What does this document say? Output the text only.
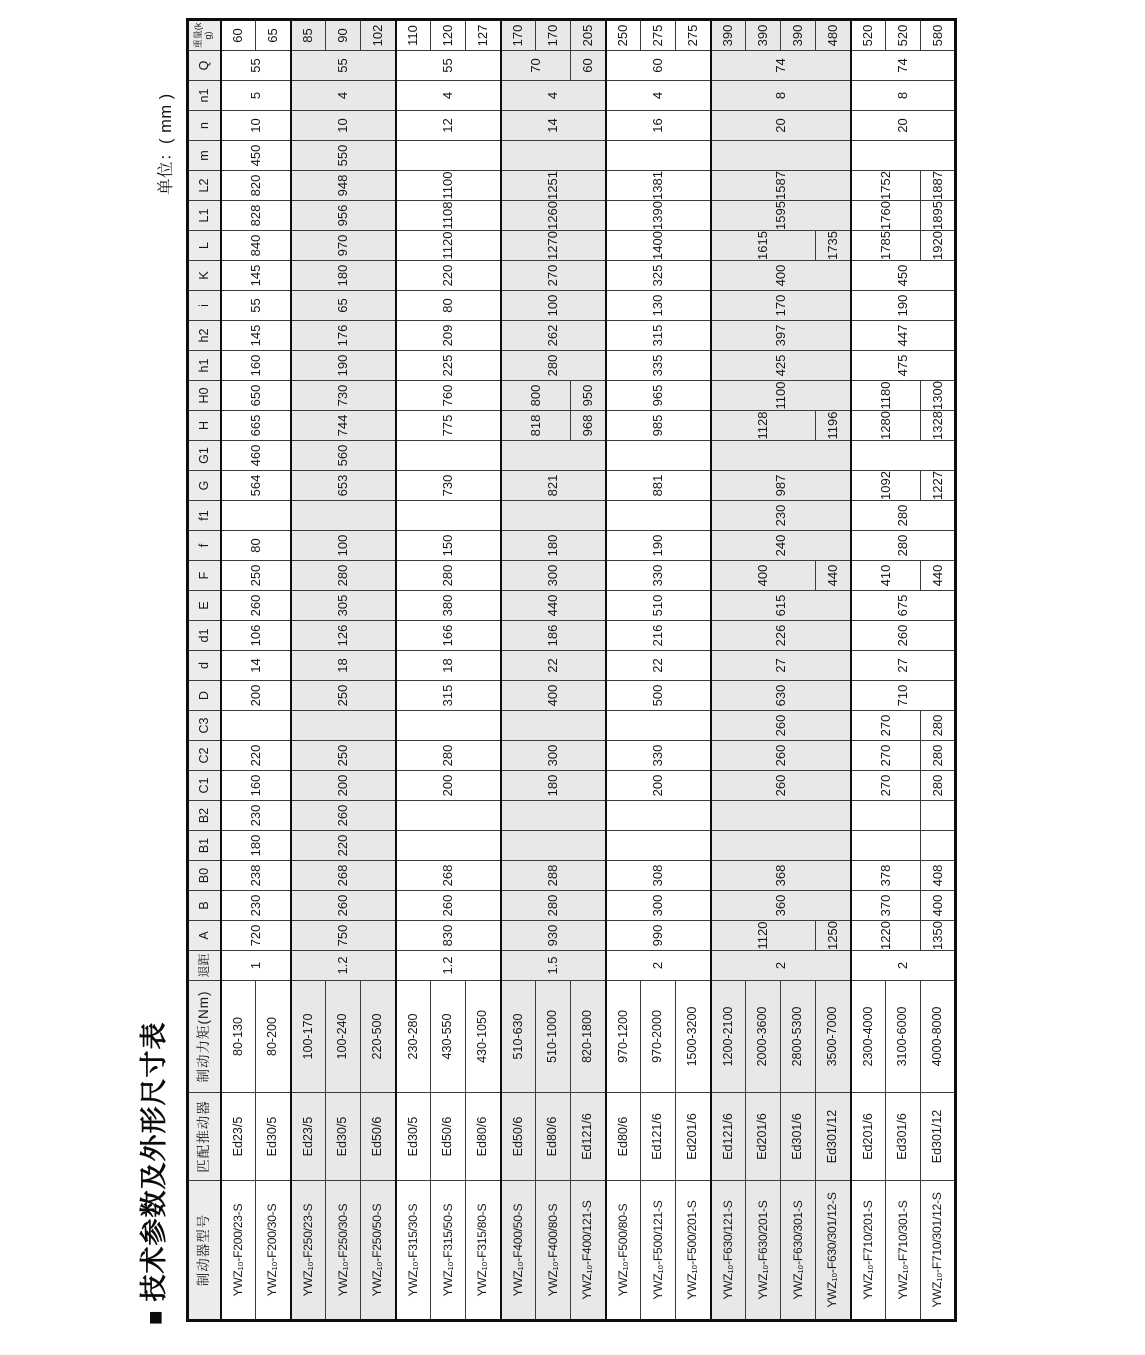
■技术参数及外形尺寸表
单位：( mm )
制动器型号	匹配推动器	制动力矩(Nm)	退距	A	B	B0	B1	B2	C1	C2	C3	D	d	d1	E	F	f	f1	G	G1	H	H0	h1	h2	i	K	L	L1	L2	m	n	n1	Q	重量(kg)
YWZ₁₀-F200/23-S	Ed23/5	80-130	1	720	230	238	180	230	160	220		200	14	106	260	250	80		564	460	665	650	160	145	55	145	840	828	820	450	10	5	55	60
YWZ₁₀-F200/30-S	Ed30/5	80-200																																65
YWZ₁₀-F250/23-S	Ed23/5	100-170	1.2	750	260	268	220	260	200	250		250	18	126	305	280	100		653	560	744	730	190	176	65	180	970	956	948	550	10	4	55	85
YWZ₁₀-F250/30-S	Ed30/5	100-240																																90
YWZ₁₀-F250/50-S	Ed50/6	220-500																																102
YWZ₁₀-F315/30-S	Ed30/5	230-280	1.2	830	260	268			200	280		315	18	166	380	280	150		730		775	760	225	209	80	220	1120	1108	1100		12	4	55	110
YWZ₁₀-F315/50-S	Ed50/6	430-550																																120
YWZ₁₀-F315/80-S	Ed80/6	430-1050																																127
YWZ₁₀-F400/50-S	Ed50/6	510-630	1.5	930	280	288			180	300		400	22	186	440	300	180		821		818	800	280	262	100	270	1270	1260	1251		14	4	70	170
YWZ₁₀-F400/80-S	Ed80/6	510-1000																																170
YWZ₁₀-F400/121-S	Ed121/6	820-1800																			968	950											60	205
YWZ₁₀-F500/80-S	Ed80/6	970-1200	2	990	300	308			200	330		500	22	216	510	330	190		881		985	965	335	315	130	325	1400	1390	1381		16	4	60	250
YWZ₁₀-F500/121-S	Ed121/6	970-2000																																275
YWZ₁₀-F500/201-S	Ed201/6	1500-3200																																275
YWZ₁₀-F630/121-S	Ed121/6	1200-2100	2	1120	360	368			260	260	260	630	27	226	615	400	240	230	987		1128	1100	425	397	170	400	1615	1595	1587		20	8	74	390
YWZ₁₀-F630/201-S	Ed201/6	2000-3600																																390
YWZ₁₀-F630/301-S	Ed301/6	2800-5300																																390
YWZ₁₀-F630/301/12-S	Ed301/12	3500-7000		1250												440					1196						1735							480
YWZ₁₀-F710/201-S	Ed201/6	2300-4000	2	1220	370	378			270	270	270	710	27	260	675	410	280	280	1092		1280	1180	475	447	190	450	1785	1760	1752		20	8	74	520
YWZ₁₀-F710/301-S	Ed301/6	3100-6000																																520
YWZ₁₀-F710/301/12-S	Ed301/12	4000-8000		1350	400	408			280	280	280					440			1227		1328	1300					1920	1895	1887					580
